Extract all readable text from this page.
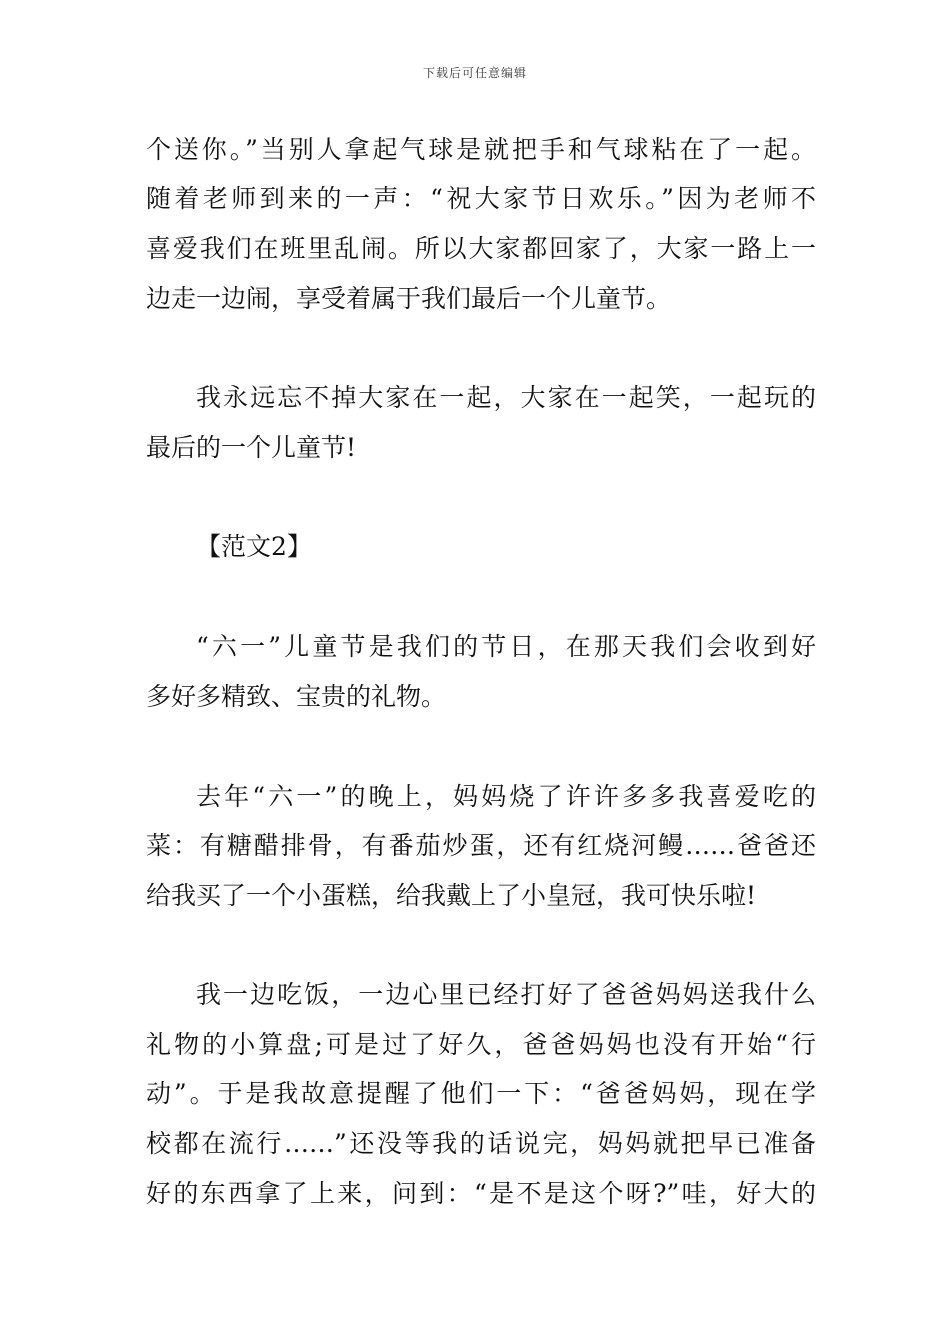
下载后可任意编辑
个送你。”当别人拿起气球是就把手和气球粘在了一起。
随着老师到来的一声：“祝大家节日欢乐。”因为老师不
喜爱我们在班里乱闹。所以大家都回家了，大家一路上一
边走一边闹，享受着属于我们最后一个儿童节。
我永远忘不掉大家在一起，大家在一起笑，一起玩的
最后的一个儿童节!
【范文2】
“六一”儿童节是我们的节日，在那天我们会收到好
多好多精致、宝贵的礼物。
去年“六一”的晚上，妈妈烧了许许多多我喜爱吃的
菜：有糖醋排骨，有番茄炒蛋，还有红烧河鳗……爸爸还
给我买了一个小蛋糕，给我戴上了小皇冠，我可快乐啦!
我一边吃饭，一边心里已经打好了爸爸妈妈送我什么
礼物的小算盘;可是过了好久，爸爸妈妈也没有开始“行
动”。于是我故意提醒了他们一下：“爸爸妈妈，现在学
校都在流行……”还没等我的话说完，妈妈就把早已准备
好的东西拿了上来，问到：“是不是这个呀?”哇，好大的
